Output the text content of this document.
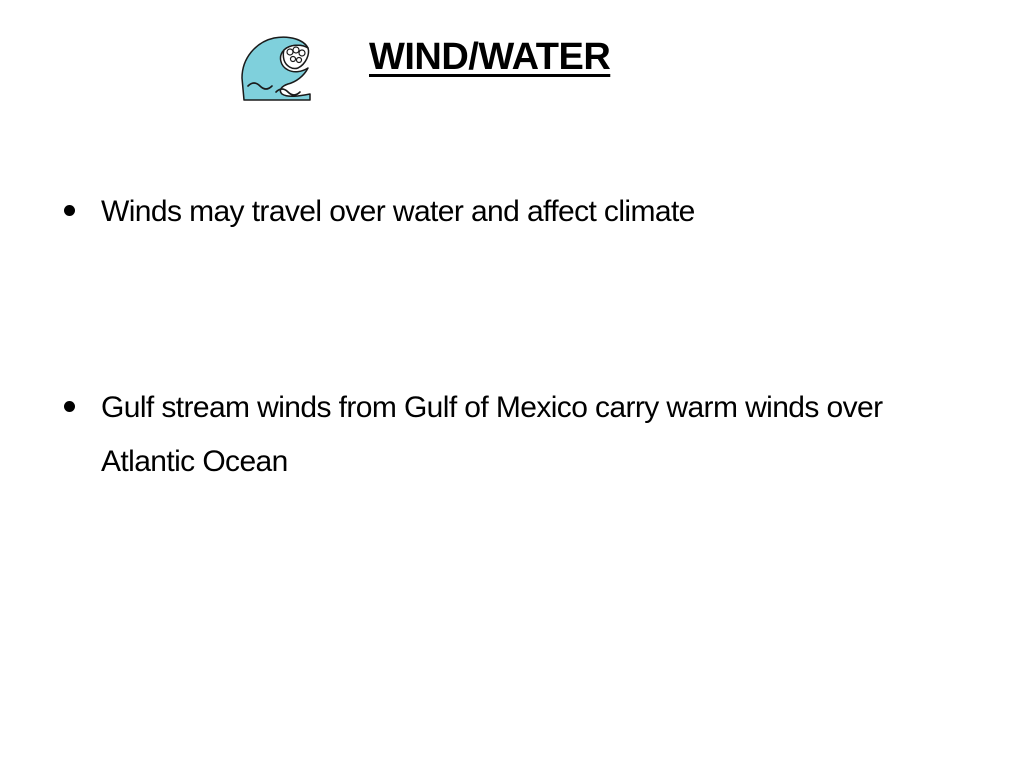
WIND/WATER
Winds may travel over water and affect climate
Gulf stream winds from Gulf of Mexico carry warm winds over Atlantic Ocean
